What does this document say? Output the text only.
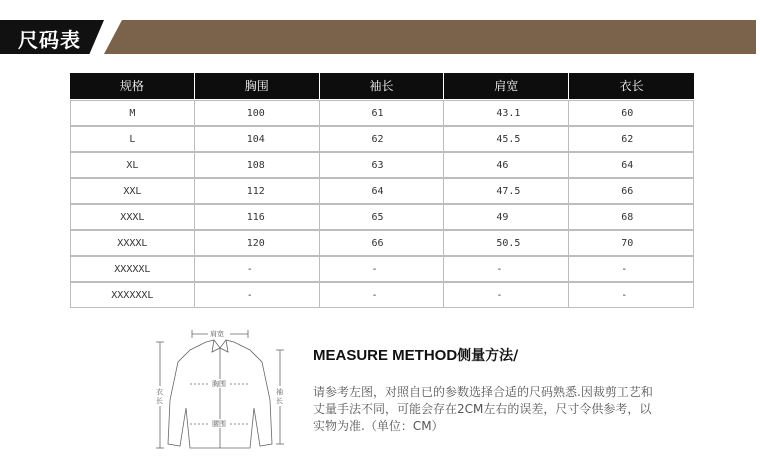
尺码表
规格	胸围	袖长	肩宽	衣长
M	100	61	43.1	60
L	104	62	45.5	62
XL	108	63	46	64
XXL	112	64	47.5	66
XXXL	116	65	49	68
XXXXL	120	66	50.5	70
XXXXXL	-	-	-	-
XXXXXXL	-	-	-	-
肩宽
胸围
腰围
衣长
袖长
MEASURE METHOD侧量方法/
请参考左图，对照自已的参数选择合适的尺码熟悉.因裁剪工艺和
丈量手法不同，可能会存在2CM左右的误差，尺寸令供参考，以
实物为准.（单位：CM）
